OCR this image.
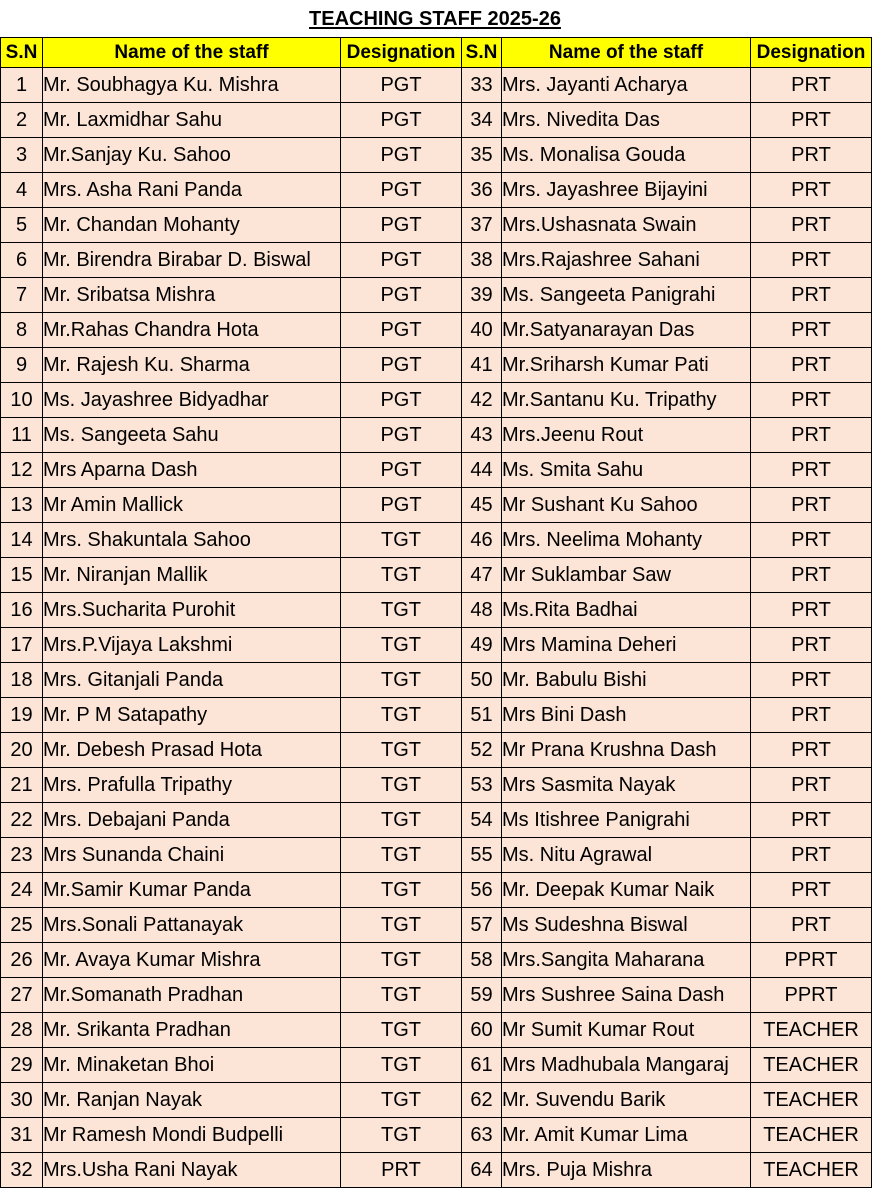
TEACHING STAFF 2025-26
S.N	Name of the staff	Designation	S.N	Name of the staff	Designation
1	Mr. Soubhagya Ku. Mishra	PGT	33	Mrs. Jayanti Acharya	PRT
2	Mr. Laxmidhar Sahu	PGT	34	Mrs. Nivedita Das	PRT
3	Mr.Sanjay Ku. Sahoo	PGT	35	Ms. Monalisa Gouda	PRT
4	Mrs. Asha Rani Panda	PGT	36	Mrs. Jayashree Bijayini	PRT
5	Mr. Chandan Mohanty	PGT	37	Mrs.Ushasnata Swain	PRT
6	Mr. Birendra Birabar D. Biswal	PGT	38	Mrs.Rajashree Sahani	PRT
7	Mr. Sribatsa Mishra	PGT	39	Ms. Sangeeta Panigrahi	PRT
8	Mr.Rahas Chandra Hota	PGT	40	Mr.Satyanarayan Das	PRT
9	Mr. Rajesh Ku. Sharma	PGT	41	Mr.Sriharsh Kumar Pati	PRT
10	Ms. Jayashree Bidyadhar	PGT	42	Mr.Santanu Ku. Tripathy	PRT
11	Ms. Sangeeta Sahu	PGT	43	Mrs.Jeenu Rout	PRT
12	Mrs Aparna Dash	PGT	44	Ms. Smita Sahu	PRT
13	Mr Amin Mallick	PGT	45	Mr Sushant Ku Sahoo	PRT
14	Mrs. Shakuntala Sahoo	TGT	46	Mrs. Neelima Mohanty	PRT
15	Mr. Niranjan Mallik	TGT	47	Mr Suklambar Saw	PRT
16	Mrs.Sucharita Purohit	TGT	48	Ms.Rita Badhai	PRT
17	Mrs.P.Vijaya Lakshmi	TGT	49	Mrs Mamina Deheri	PRT
18	Mrs. Gitanjali Panda	TGT	50	Mr. Babulu Bishi	PRT
19	Mr. P M Satapathy	TGT	51	Mrs Bini Dash	PRT
20	Mr. Debesh Prasad Hota	TGT	52	Mr Prana Krushna Dash	PRT
21	Mrs. Prafulla Tripathy	TGT	53	Mrs Sasmita Nayak	PRT
22	Mrs. Debajani Panda	TGT	54	Ms Itishree Panigrahi	PRT
23	Mrs Sunanda Chaini	TGT	55	Ms. Nitu Agrawal	PRT
24	Mr.Samir Kumar Panda	TGT	56	Mr. Deepak Kumar Naik	PRT
25	Mrs.Sonali Pattanayak	TGT	57	Ms Sudeshna Biswal	PRT
26	Mr. Avaya Kumar Mishra	TGT	58	Mrs.Sangita Maharana	PPRT
27	Mr.Somanath Pradhan	TGT	59	Mrs Sushree Saina Dash	PPRT
28	Mr. Srikanta Pradhan	TGT	60	Mr Sumit Kumar Rout	TEACHER
29	Mr. Minaketan Bhoi	TGT	61	Mrs Madhubala Mangaraj	TEACHER
30	Mr. Ranjan Nayak	TGT	62	Mr. Suvendu Barik	TEACHER
31	Mr Ramesh Mondi Budpelli	TGT	63	Mr. Amit Kumar Lima	TEACHER
32	Mrs.Usha Rani Nayak	PRT	64	Mrs. Puja Mishra	TEACHER
